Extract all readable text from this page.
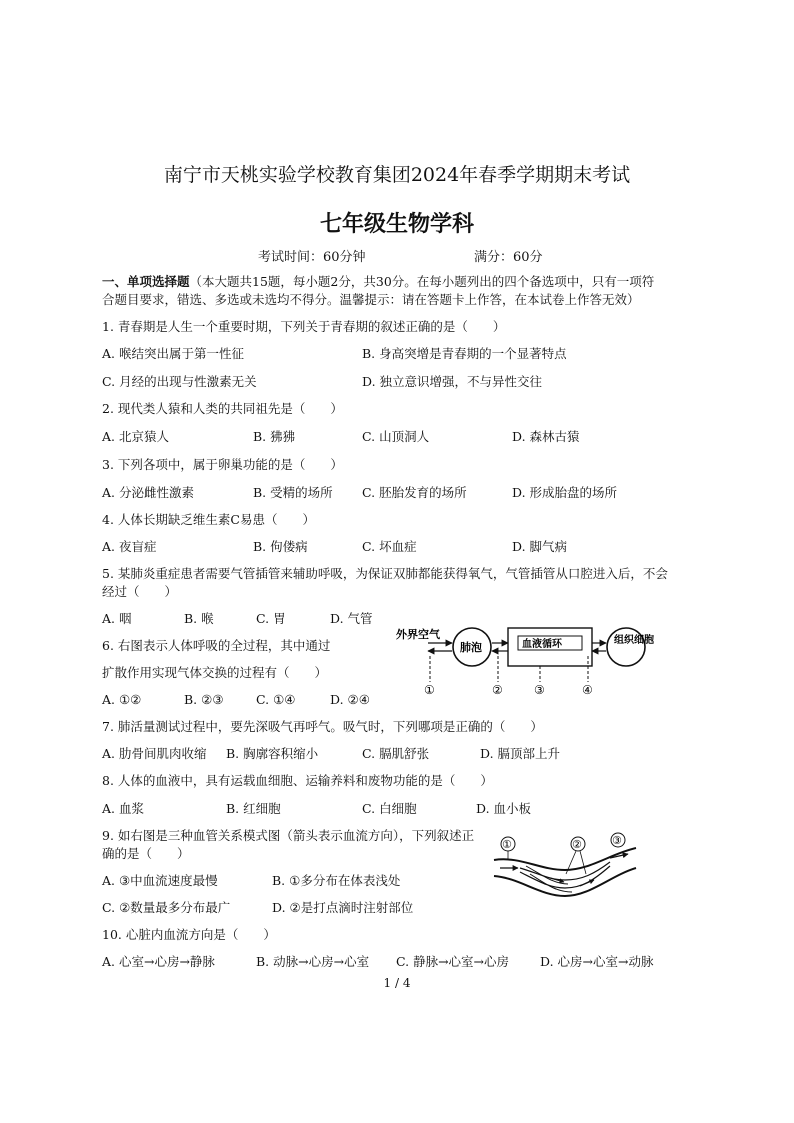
南宁市天桃实验学校教育集团2024年春季学期期末考试
七年级生物学科
考试时间：60分钟	满分：60分
一、单项选择题（本大题共15题，每小题2分，共30分。在每小题列出的四个备选项中，只有一项符
合题目要求，错选、多选或未选均不得分。温馨提示：请在答题卡上作答，在本试卷上作答无效）
1. 青春期是人生一个重要时期，下列关于青春期的叙述正确的是（　　）
A. 喉结突出属于第一性征	B. 身高突增是青春期的一个显著特点
C. 月经的出现与性激素无关	D. 独立意识增强，不与异性交往
2. 现代类人猿和人类的共同祖先是（　　）
A. 北京猿人	B. 狒狒	C. 山顶洞人	D. 森林古猿
3. 下列各项中，属于卵巢功能的是（　　）
A. 分泌雌性激素	B. 受精的场所 C. 胚胎发育的场所	D. 形成胎盘的场所
4. 人体长期缺乏维生素C易患（　　）
A. 夜盲症	B. 佝偻病	C. 坏血症	D. 脚气病
5. 某肺炎重症患者需要气管插管来辅助呼吸，为保证双肺都能获得氧气，气管插管从口腔进入后，不会
经过（　　）
A. 咽	B. 喉	C. 胃	D. 气管
6. 右图表示人体呼吸的全过程，其中通过
扩散作用实现气体交换的过程有（　　）
A. ①②	B. ②③	C. ①④	D. ②④
外界空气
肺泡	血液循环	组织细胞
①	②	③	④
7. 肺活量测试过程中，要先深吸气再呼气。吸气时，下列哪项是正确的（　　）
A. 肋骨间肌肉收缩 B. 胸廓容积缩小	C. 膈肌舒张	D. 膈顶部上升
8. 人体的血液中，具有运载血细胞、运输养料和废物功能的是（　　）
A. 血浆	B. 红细胞	C. 白细胞	D. 血小板
9. 如右图是三种血管关系模式图（箭头表示血流方向），下列叙述正
确的是（　　）
A. ③中血流速度最慢	B. ①多分布在体表浅处
C. ②数量最多分布最广	D. ②是打点滴时注射部位
①	②	③
10. 心脏内血流方向是（　　）
A. 心室→心房→静脉	B. 动脉→心房→心室 C. 静脉→心室→心房 D. 心房→心室→动脉
1 / 4
